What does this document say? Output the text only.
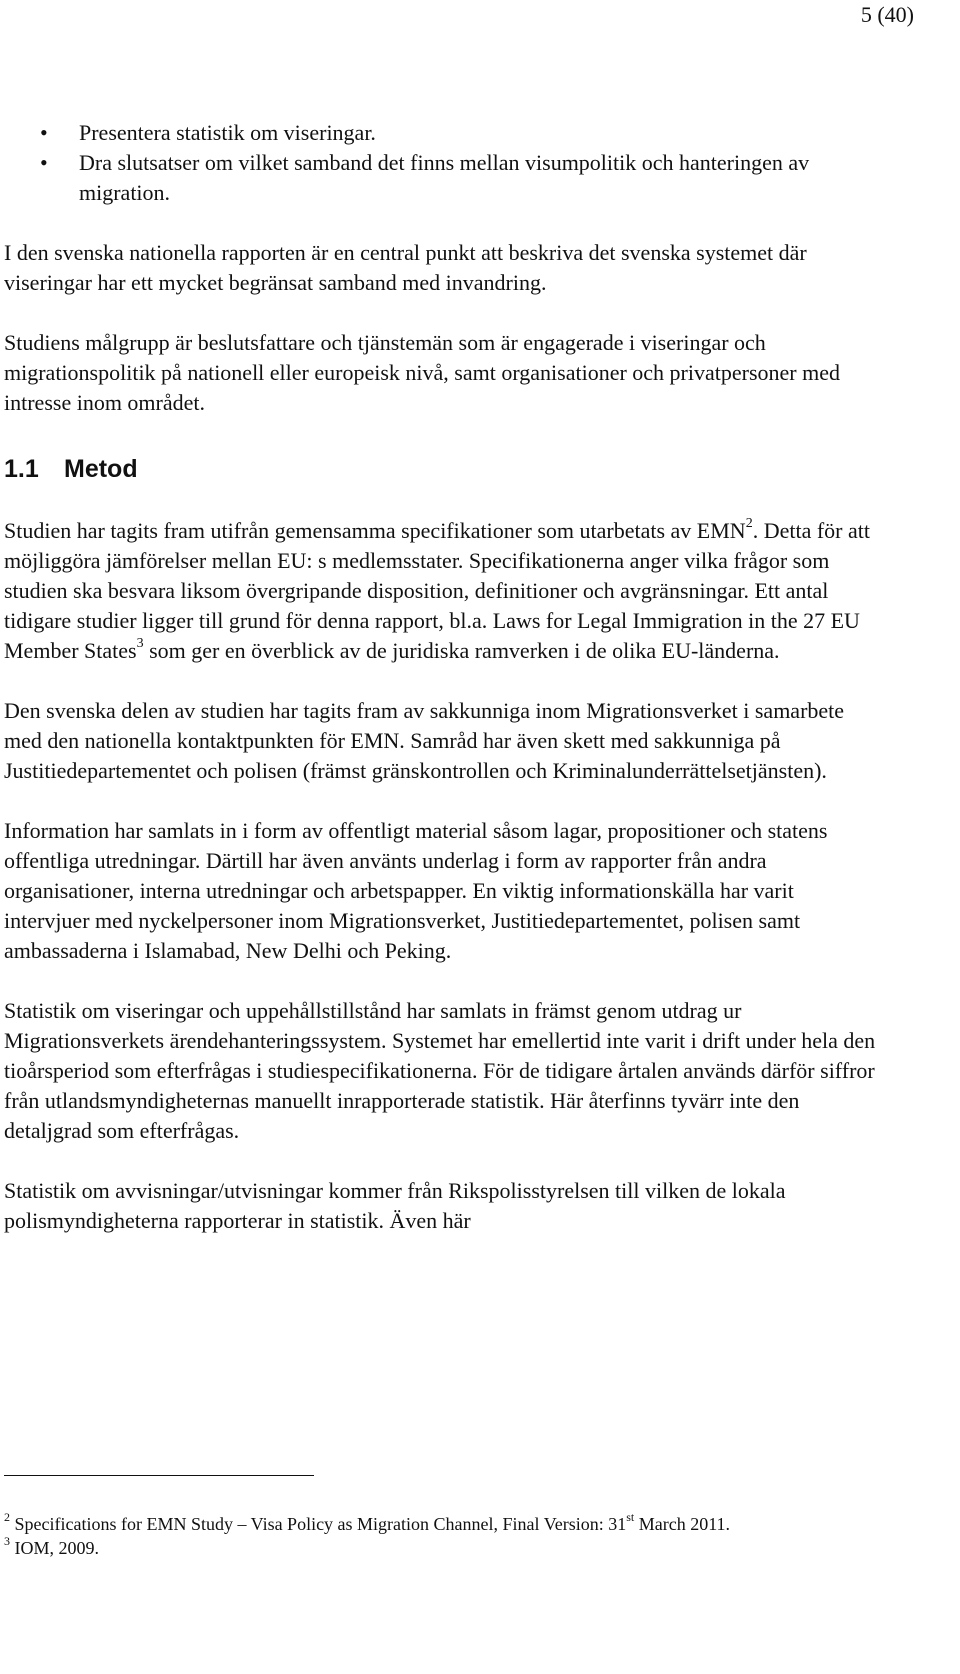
5 (40)
• Presentera statistik om viseringar.
• Dra slutsatser om vilket samband det finns mellan visumpolitik och hanteringen av migration.

I den svenska nationella rapporten är en central punkt att beskriva det svenska systemet där viseringar har ett mycket begränsat samband med invandring.

Studiens målgrupp är beslutsfattare och tjänstemän som är engagerade i viseringar och migrationspolitik på nationell eller europeisk nivå, samt organisationer och privatpersoner med intresse inom området.

1.1 Metod

Studien har tagits fram utifrån gemensamma specifikationer som utarbetats av EMN$^2$. Detta för att möjliggöra jämförelser mellan EU: s medlemsstater. Specifikationerna anger vilka frågor som studien ska besvara liksom övergripande disposition, definitioner och avgränsningar. Ett antal tidigare studier ligger till grund för denna rapport, bl.a. Laws for Legal Immigration in the 27 EU Member States$^3$ som ger en överblick av de juridiska ramverken i de olika EU-länderna.

Den svenska delen av studien har tagits fram av sakkunniga inom Migrationsverket i samarbete med den nationella kontaktpunkten för EMN. Samråd har även skett med sakkunniga på Justitiedepartementet och polisen (främst gränskontrollen och Kriminalunderrättelsetjänsten).

Information har samlats in i form av offentligt material såsom lagar, propositioner och statens offentliga utredningar. Därtill har även använts underlag i form av rapporter från andra organisationer, interna utredningar och arbetspapper. En viktig informationskälla har varit intervjuer med nyckelpersoner inom Migrationsverket, Justitiedepartementet, polisen samt ambassaderna i Islamabad, New Delhi och Peking.

Statistik om viseringar och uppehållstillstånd har samlats in främst genom utdrag ur Migrationsverkets ärendehanteringssystem. Systemet har emellertid inte varit i drift under hela den tioårsperiod som efterfrågas i studiespecifikationerna. För de tidigare årtalen används därför siffror från utlandsmyndigheternas manuellt inrapporterade statistik. Här återfinns tyvärr inte den detaljgrad som efterfrågas.

Statistik om avvisningar/utvisningar kommer från Rikspolisstyrelsen till vilken de lokala polismyndigheterna rapporterar in statistik. Även här

$^2$ Specifications for EMN Study – Visa Policy as Migration Channel, Final Version: 31st March 2011.
$^3$ IOM, 2009.
